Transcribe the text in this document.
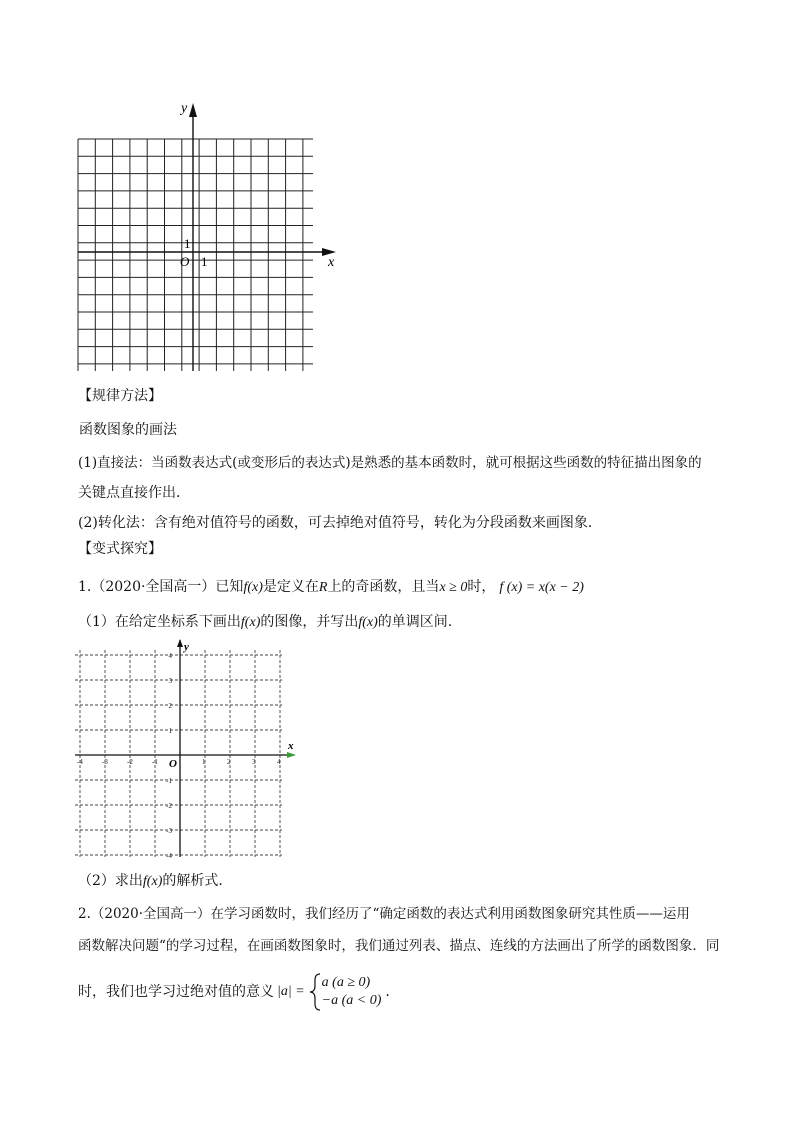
y
x
O 1
1
【规律方法】
函数图象的画法
(1)直接法：当函数表达式(或变形后的表达式)是熟悉的基本函数时，就可根据这些函数的特征描出图象的
关键点直接作出．
(2)转化法：含有绝对值符号的函数，可去掉绝对值符号，转化为分段函数来画图象．
【变式探究】
1.（2020·全国高一）已知f(x)是定义在R上的奇函数，且当x ≥ 0时， f (x) = x(x − 2)
（1）在给定坐标系下画出f(x)的图像，并写出f(x)的单调区间.
-4	-3	-2	-1	1	2	3	4
4
3
2
1
-1
-2
-3
-4
y
x
O
（2）求出f(x)的解析式.
2.（2020·全国高一）在学习函数时，我们经历了“确定函数的表达式利用函数图象研究其性质——运用
函数解决问题“的学习过程，在画函数图象时，我们通过列表、描点、连线的方法画出了所学的函数图象．同
时，我们也学习过绝对值的意义 |a| =
a (a ≥ 0)
−a (a < 0)
.
